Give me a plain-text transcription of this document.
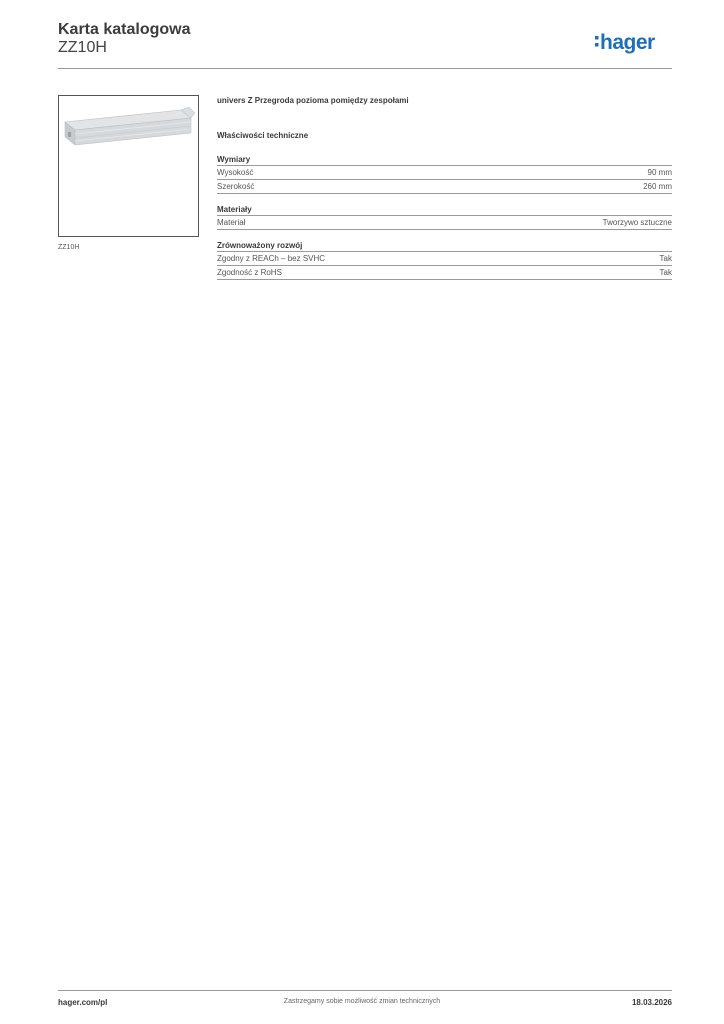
Karta katalogowa
ZZ10H	hager
ZZ10H
univers Z Przegroda pozioma pomiędzy zespołami
Właściwości techniczne
Wymiary
Wysokość	90 mm
Szerokość	260 mm
Materiały
Materiał	Tworzywo sztuczne
Zrównoważony rozwój
Zgodny z REACh – bez SVHC	Tak
Zgodność z RoHS	Tak
hager.com/pl	Zastrzegamy sobie możliwość zmian technicznych	18.03.2026
